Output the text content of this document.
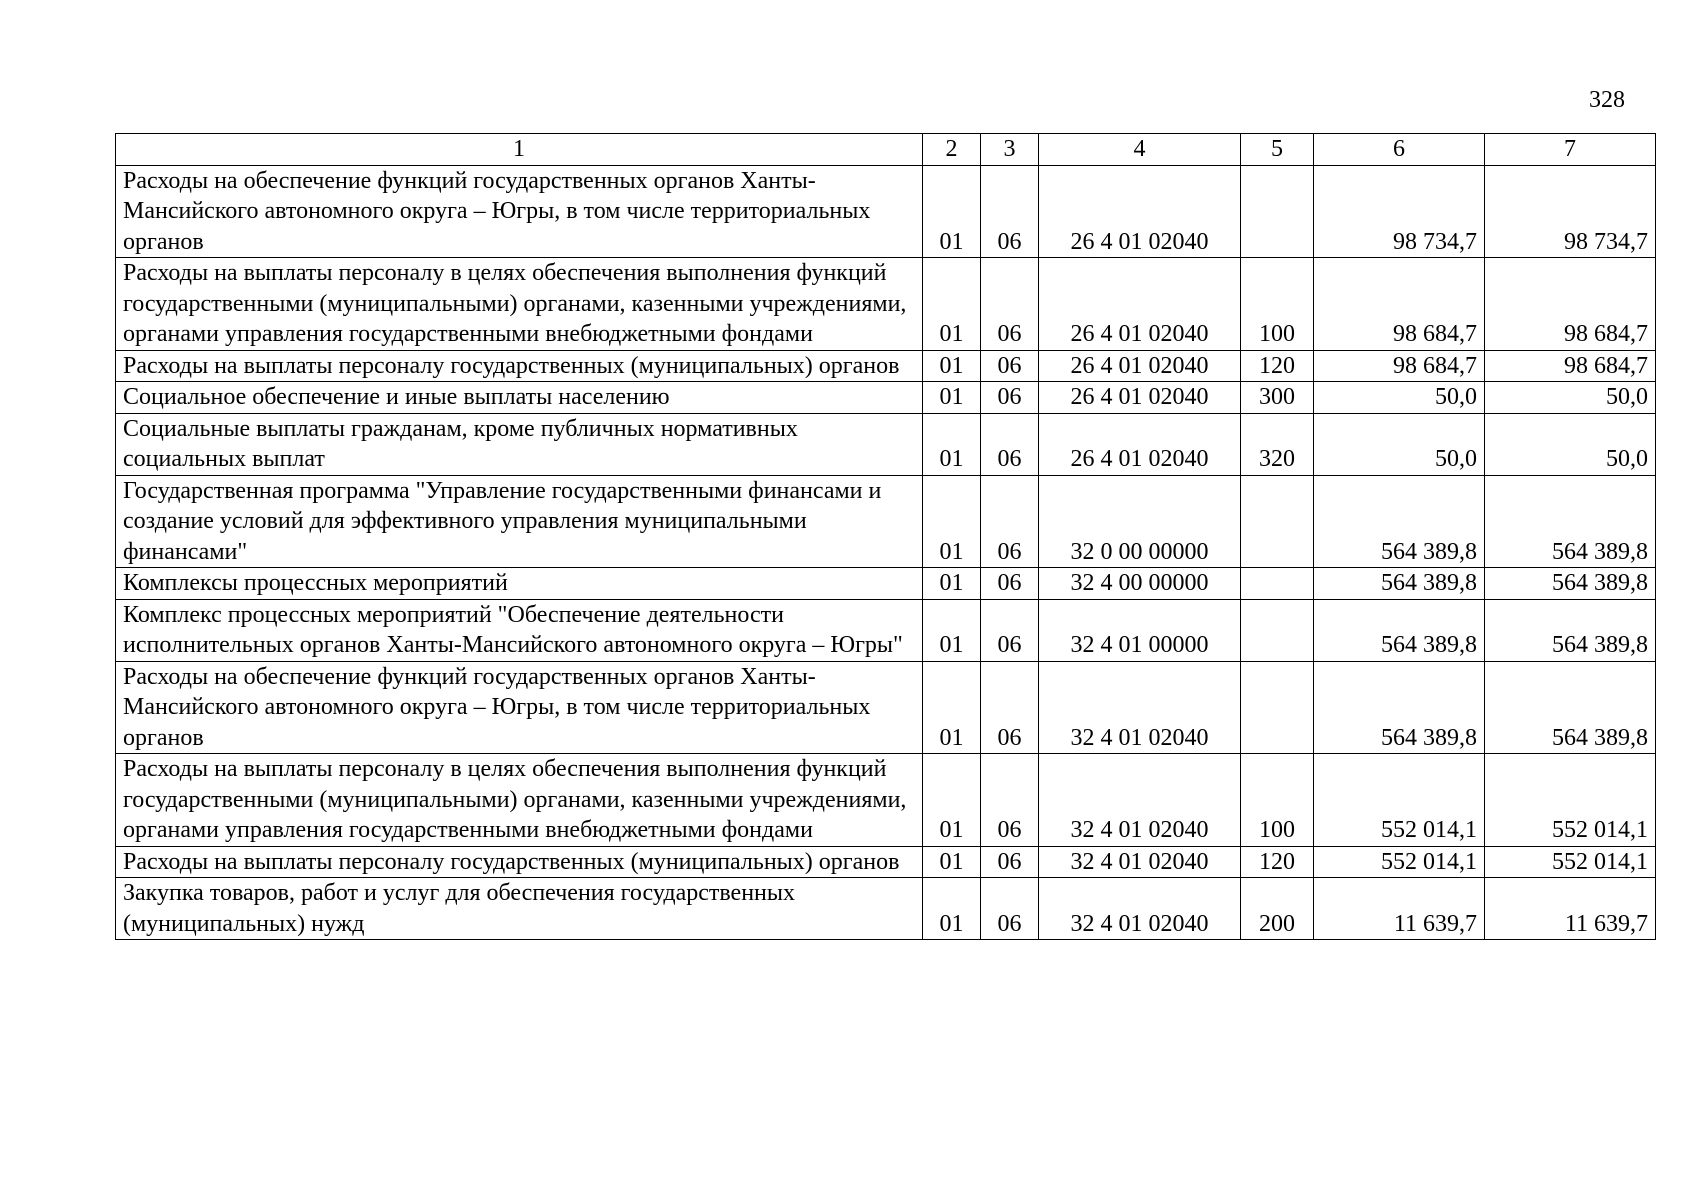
328
1	2	3	4	5	6	7
Расходы на обеспечение функций государственных органов Ханты-Мансийского автономного округа – Югры, в том числе территориальных органов	01	06	26 4 01 02040		98 734,7	98 734,7
Расходы на выплаты персоналу в целях обеспечения выполнения функций государственными (муниципальными) органами, казенными учреждениями, органами управления государственными внебюджетными фондами	01	06	26 4 01 02040	100	98 684,7	98 684,7
Расходы на выплаты персоналу государственных (муниципальных) органов	01	06	26 4 01 02040	120	98 684,7	98 684,7
Социальное обеспечение и иные выплаты населению	01	06	26 4 01 02040	300	50,0	50,0
Социальные выплаты гражданам, кроме публичных нормативных социальных выплат	01	06	26 4 01 02040	320	50,0	50,0
Государственная программа "Управление государственными финансами и создание условий для эффективного управления муниципальными финансами"	01	06	32 0 00 00000		564 389,8	564 389,8
Комплексы процессных мероприятий	01	06	32 4 00 00000		564 389,8	564 389,8
Комплекс процессных мероприятий "Обеспечение деятельности исполнительных органов Ханты-Мансийского автономного округа – Югры"	01	06	32 4 01 00000		564 389,8	564 389,8
Расходы на обеспечение функций государственных органов Ханты-Мансийского автономного округа – Югры, в том числе территориальных органов	01	06	32 4 01 02040		564 389,8	564 389,8
Расходы на выплаты персоналу в целях обеспечения выполнения функций государственными (муниципальными) органами, казенными учреждениями, органами управления государственными внебюджетными фондами	01	06	32 4 01 02040	100	552 014,1	552 014,1
Расходы на выплаты персоналу государственных (муниципальных) органов	01	06	32 4 01 02040	120	552 014,1	552 014,1
Закупка товаров, работ и услуг для обеспечения государственных (муниципальных) нужд	01	06	32 4 01 02040	200	11 639,7	11 639,7
